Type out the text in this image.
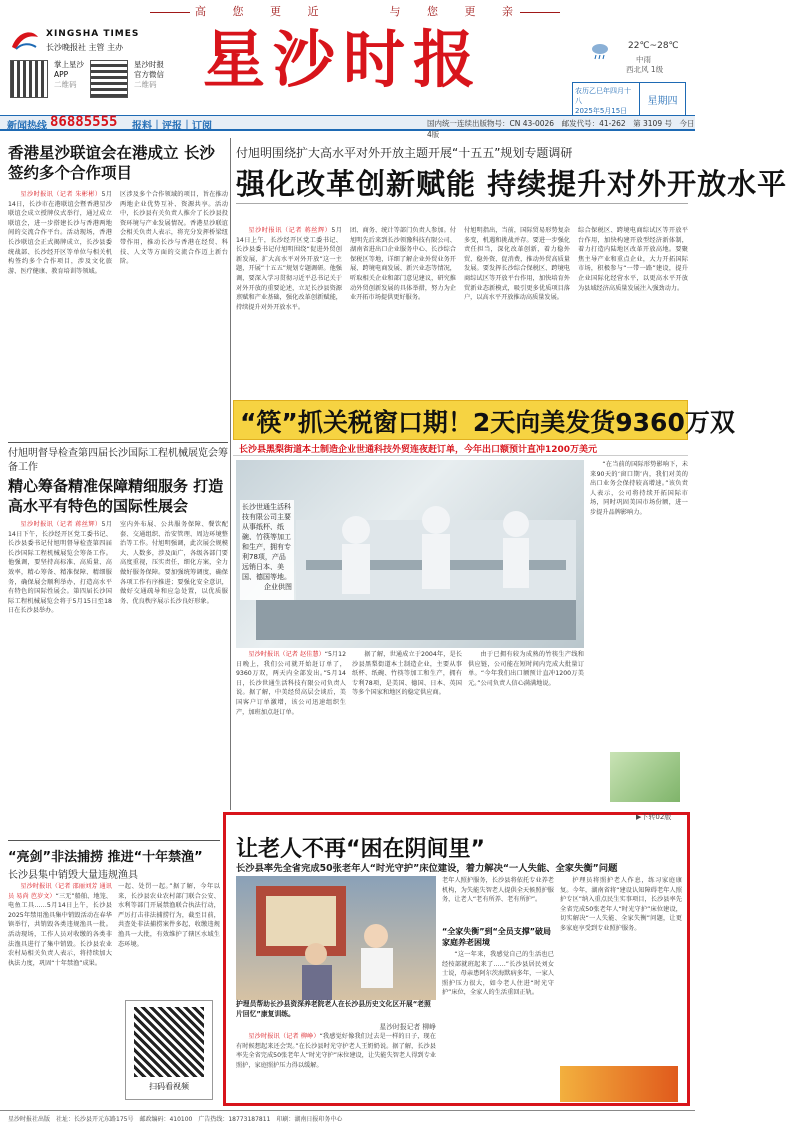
高 您 更 近	与 您 更 亲
XINGSHA TIMES
长沙晚报社 主管 主办
掌上星沙
APP
二维码
星沙时报
官方微信
二维码 星沙时报	22℃~28℃
中雨
西北风 1级
农历乙巳年四月十八
2025年5月15日
星期四
新闻热线 86885555 报料｜评报｜订阅	国内统一连续出版物号：CN 43-0026　邮发代号：41-262　第 3109 号　今日 4版
香港星沙联谊会在港成立 长沙签约多个合作项目
星沙时报讯（记者 朱彬彬）5月14日，长沙市在港联谊会暨香港星沙联谊会成立授牌仪式举行，通过成立联谊会，进一步搭建长沙与香港两地间的交流合作平台。活动现场，香港长沙联谊会正式揭牌成立，长沙县委统战部、长沙经开区等单位与相关机构签约多个合作项目，涉及文化旅游、医疗健康、教育培训等领域。
区涉及多个合作领域的项目，旨在推动两地企业优势互补、资源共享。活动中，长沙县有关负责人推介了长沙县投资环境与产业发展情况。香港星沙联谊会相关负责人表示，将充分发挥桥梁纽带作用，推动长沙与香港在经贸、科技、人文等方面的交流合作迈上新台阶。
付旭明督导检查第四届长沙国际工程机械展览会筹备工作
精心筹备精准保障精细服务 打造高水平有特色的国际性展会
星沙时报讯（记者 蒋丝辉）5月14日下午，长沙经开区党工委书记、长沙县委书记付旭明督导检查第四届长沙国际工程机械展览会筹备工作。他强调，要坚持高标准、高质量、高效率，精心筹备、精准保障、精细服务，确保展会顺利举办，打造高水平有特色的国际性展会。第四届长沙国际工程机械展览会将于5月15日至18日在长沙县举办。
室内外布展、公共服务保障、餐饮配套、交通组织、治安管理、周边环境整治等工作。付旭明强调，此次展会规模大、人数多，涉及面广，各级各部门要高度重视，压实责任，细化方案，全力做好服务保障。要加强统筹调度，确保各项工作有序推进；要强化安全意识，做好交通疏导和应急处置，以优质服务、优良秩序展示长沙良好形象。
“亮剑”非法捕捞 推进“十年禁渔”
长沙县集中销毁大量违规渔具
星沙时报讯（记者 邵丽刘芳 通讯员 易尚 芭岁文）“三无”船舶、地笼、电鱼工具……5月14日上午，长沙县2025年禁用渔具集中销毁活动在春华镇举行，共销毁各类违规渔具一批。活动现场，工作人员对收缴的各类非法渔具进行了集中销毁。长沙县农业农村局相关负责人表示，将持续加大执法力度，巩固“十年禁渔”成果。
一起、处罚一起。”据了解，今年以来，长沙县农业农村部门联合公安、水利等部门开展禁渔联合执法行动，严厉打击非法捕捞行为，截至目前，共查处非法捕捞案件多起，收缴违规渔具一大批，有效维护了辖区水域生态环境。
扫码看视频
付旭明围绕扩大高水平对外开放主题开展“十五五”规划专题调研
强化改革创新赋能 持续提升对外开放水平
星沙时报讯（记者 蒋丝辉）5月14日上午，长沙经开区党工委书记、长沙县委书记付旭明围绕“促进外贸创新发展，扩大高水平对外开放”这一主题，开展“十五五”规划专题调研。他强调，要深入学习贯彻习近平总书记关于对外开放的重要论述，立足长沙县资源禀赋和产业基础，强化改革创新赋能，持续提升对外开放水平。
团、商务、统计等部门负责人参加。付旭明先后来到长沙领豫科技有限公司、湖南省进出口企业服务中心、长沙综合保税区等地，详细了解企业外贸业务开展、跨境电商发展、新兴业态等情况，听取相关企业和部门意见建议，研究推动外贸创新发展的具体举措，努力为企业开拓市场提供更好服务。
付旭明指出，当前，国际贸易形势复杂多变，机遇和挑战并存。要进一步强化责任担当，深化改革创新，着力稳外贸、稳外资、促消费，推动外贸高质量发展。要发挥长沙综合保税区、跨境电商综试区等开放平台作用，加快培育外贸新业态新模式，吸引更多优质项目落户，以高水平开放推动高质量发展。
综合保税区、跨境电商综试区等开放平台作用，加快构建开放型经济新体制，着力打造内陆地区改革开放高地。要聚焦主导产业和重点企业，大力开拓国际市场，积极参与“一带一路”建设，提升企业国际化经营水平，以更高水平开放为县域经济高质量发展注入强劲动力。
“筷”抓关税窗口期！2天向美发货9360万双
长沙县黑梨街道本土制造企业世通科技外贸连夜赶订单，今年出口额预计直冲1200万美元
长沙世通生活科技有限公司主要从事纸杯、纸碗、竹筷等加工和生产，拥有专利78项，产品远销日本、美国、德国等地。
企业供图
“在当前的国际形势影响下，未来90天的‘窗口期’内，我们对美的出口业务会保持较高增速。”该负责人表示，公司将持续开拓国际市场，同时巩固美国市场份额，进一步提升品牌影响力。
星沙时报讯（记者 赵佳慧）“5月12日晚上，我们公司就开始赶订单了，9360万双，两天内全部发出。”5月14日，长沙世通生活科技有限公司负责人说。据了解，中美经贸高层会谈后，美国客户订单激增，该公司迅速组织生产，加班加点赶订单。
据了解，世通成立于2004年，是长沙县黑梨街道本土制造企业，主要从事纸杯、纸碗、竹筷等加工和生产，拥有专利78项，是美国、德国、日本、英国等多个国家和地区的稳定供应商。
由于已拥有较为成熟的竹筷生产线和供应链，公司能在短时间内完成大批量订单。“今年我们出口额预计直冲1200万美元。”公司负责人信心满满地说。
让老人不再“困在阴间里”
长沙县率先全省完成50张老年人“时光守护”床位建设，着力解决“一人失能、全家失衡”问题
护理员帮助长沙县资深养老院老人在长沙县历史文化区开展“老照片回忆”康复训练。
星沙时报记者 柳峥
星沙时报讯（记者 柳峥）“我感觉好像我们过去是一样的日子，现在有时候想起来还会哭。”在长沙县时光守护老人王奶奶说。据了解，长沙县率先全省完成50张老年人“时光守护”床位建设，让失能失智老人得到专业照护，家庭照护压力得以缓解。
老年人照护服务，长沙县将依托专业养老机构，为失能失智老人提供全天候照护服务，让老人“老有所养、老有所护”。
“全家失衡”到“全员支撑”破局家庭养老困境
“这一年来，我感觉自己的生活也已经按部就班起来了……”长沙县居民刘女士说，母亲患阿尔茨海默病多年，一家人照护压力很大，如今老人住进“时光守护”床位，全家人的生活重回正轨。
护理员将照护老人作息，练习家庭康复。今年，湖南省将“建设认知障碍老年人照护专区”纳入重点民生实事项目，长沙县率先全省完成50张老年人“时光守护”床位建设，切实解决“一人失能、全家失衡”问题，让更多家庭享受到专业照护服务。
▶下转02版
星沙时报社出版　社址：长沙县开元东路175号　邮政编码：410100　广告热线：18773187811　印刷：湖南日报印务中心
